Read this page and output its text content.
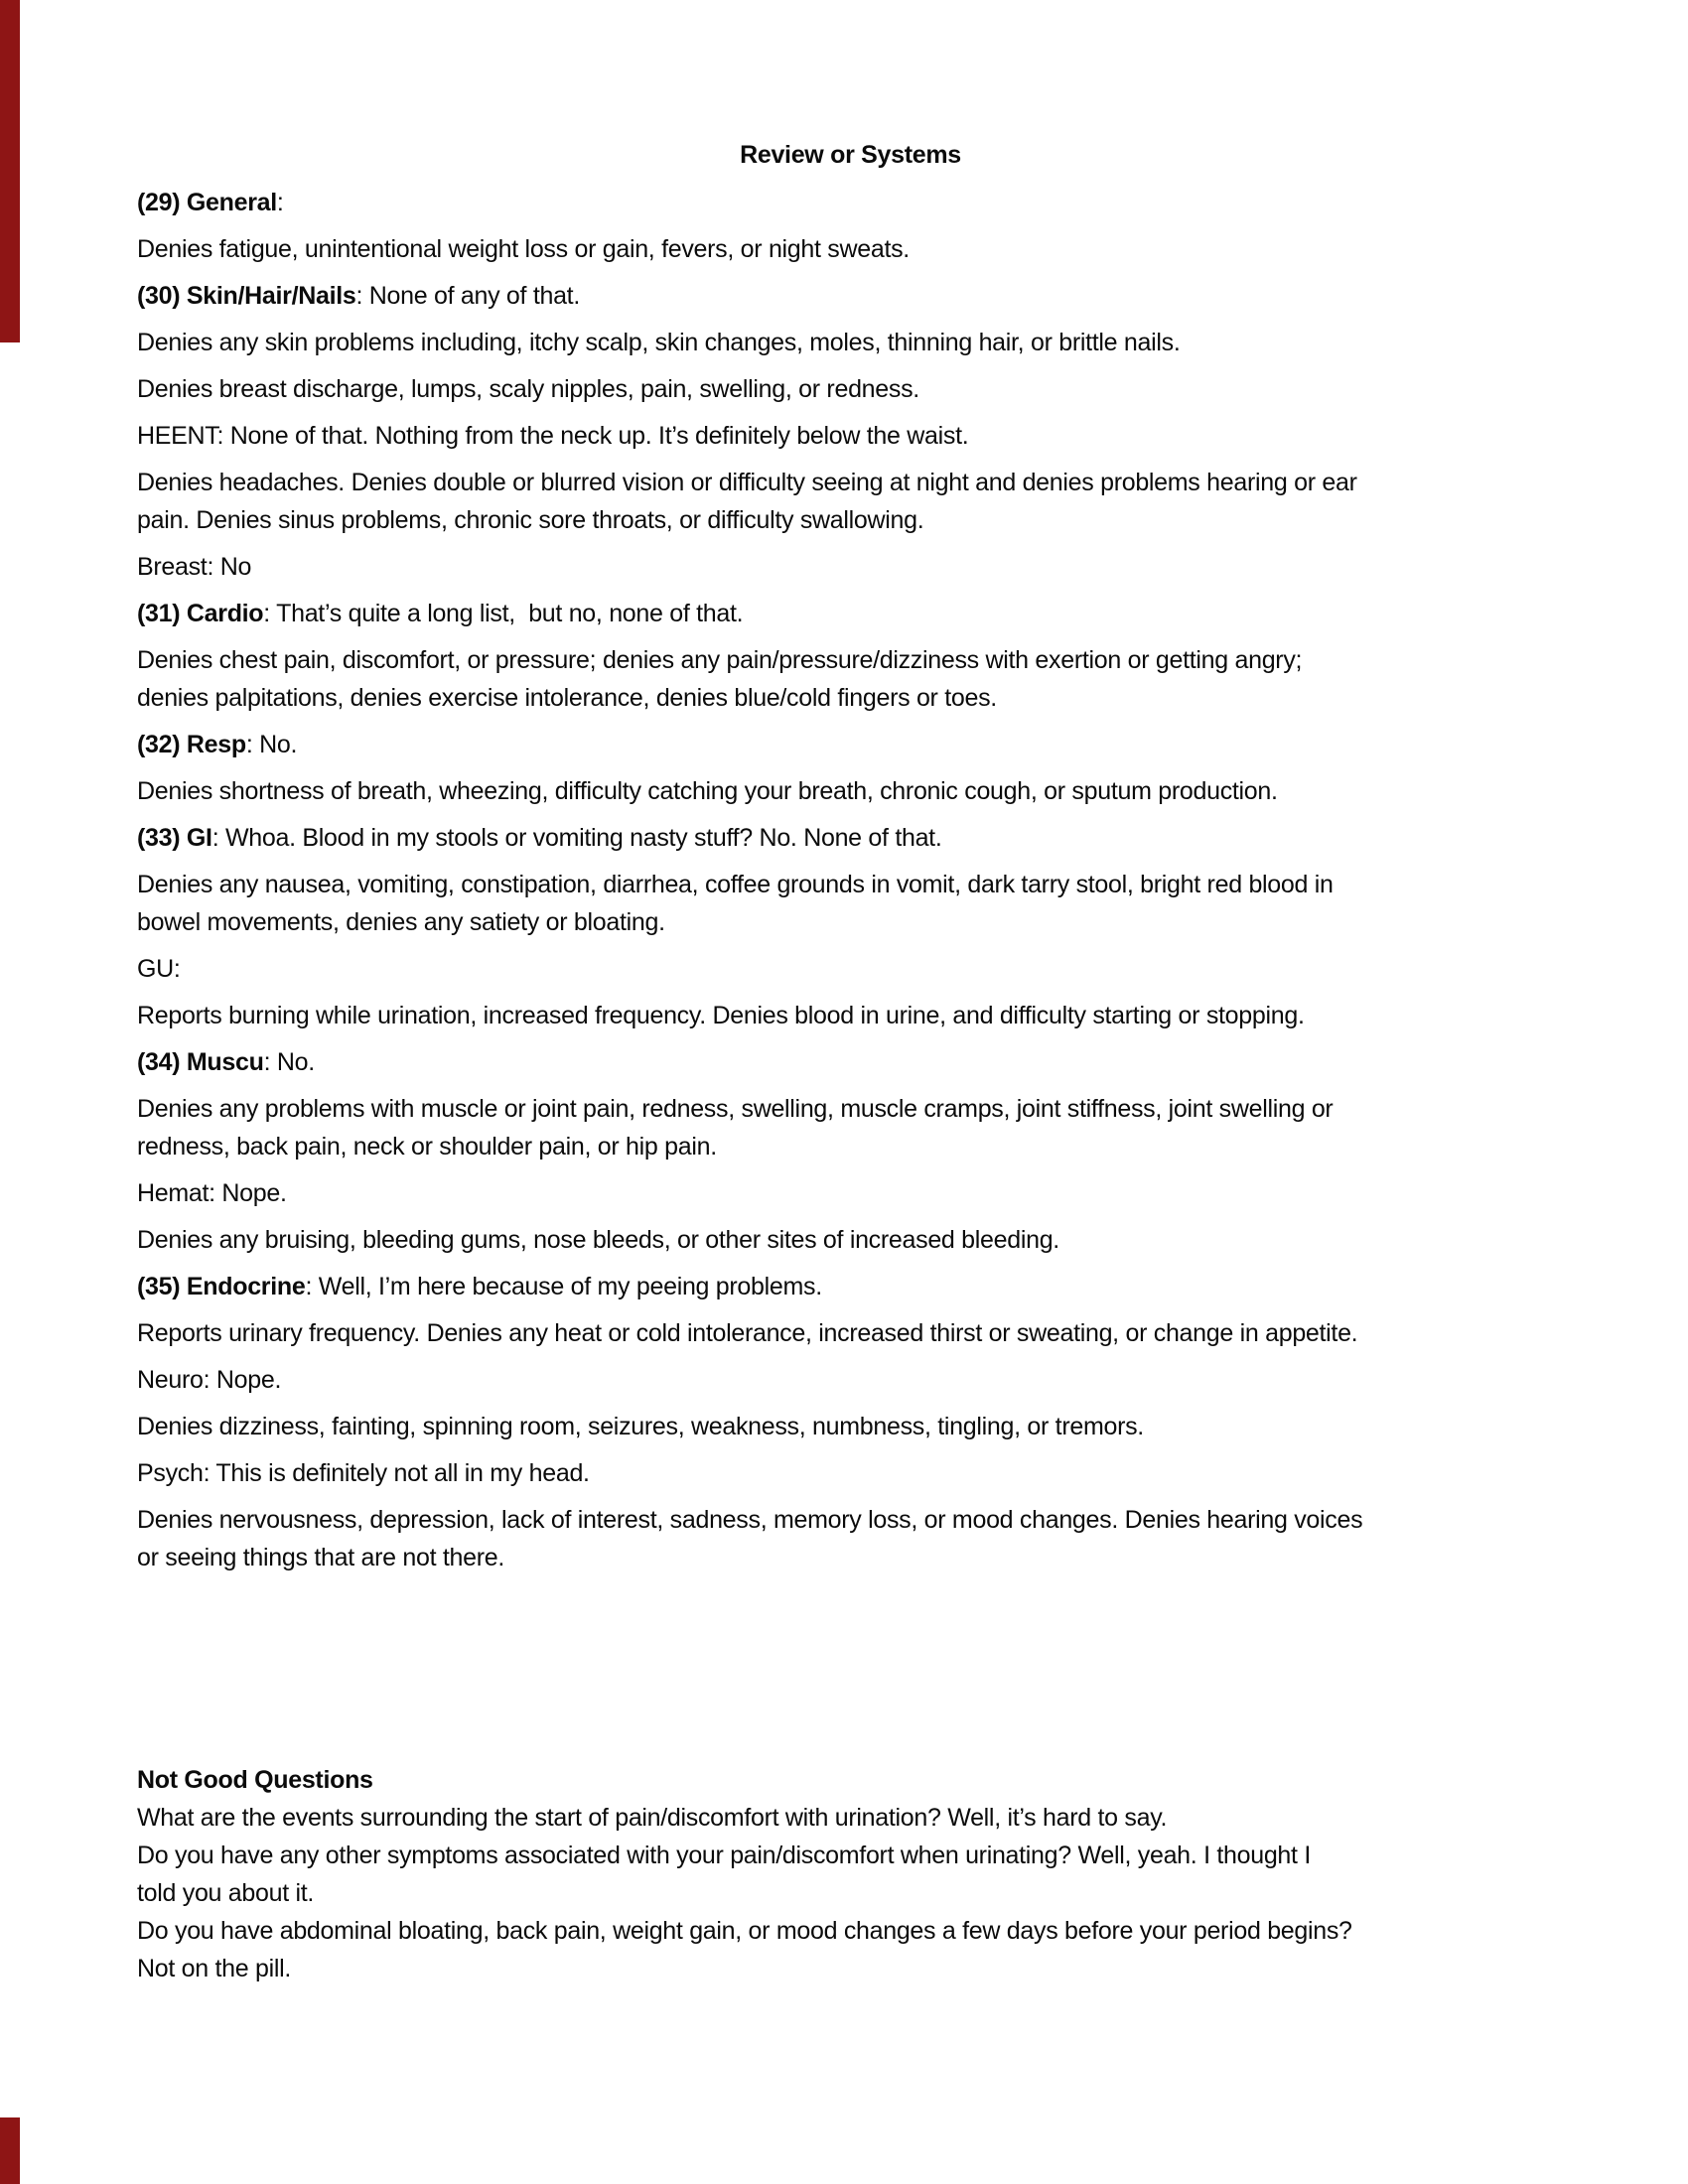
Review or Systems

(29) General:

Denies fatigue, unintentional weight loss or gain, fevers, or night sweats.

(30) Skin/Hair/Nails: None of any of that.

Denies any skin problems including, itchy scalp, skin changes, moles, thinning hair, or brittle nails.

Denies breast discharge, lumps, scaly nipples, pain, swelling, or redness.

HEENT: None of that. Nothing from the neck up. It’s definitely below the waist.

Denies headaches. Denies double or blurred vision or difficulty seeing at night and denies problems hearing or ear
pain. Denies sinus problems, chronic sore throats, or difficulty swallowing.

Breast: No

(31) Cardio: That’s quite a long list,  but no, none of that.

Denies chest pain, discomfort, or pressure; denies any pain/pressure/dizziness with exertion or getting angry;
denies palpitations, denies exercise intolerance, denies blue/cold fingers or toes.

(32) Resp: No.

Denies shortness of breath, wheezing, difficulty catching your breath, chronic cough, or sputum production.

(33) GI: Whoa. Blood in my stools or vomiting nasty stuff? No. None of that.

Denies any nausea, vomiting, constipation, diarrhea, coffee grounds in vomit, dark tarry stool, bright red blood in
bowel movements, denies any satiety or bloating.

GU:

Reports burning while urination, increased frequency. Denies blood in urine, and difficulty starting or stopping.

(34) Muscu: No.

Denies any problems with muscle or joint pain, redness, swelling, muscle cramps, joint stiffness, joint swelling or
redness, back pain, neck or shoulder pain, or hip pain.

Hemat: Nope.

Denies any bruising, bleeding gums, nose bleeds, or other sites of increased bleeding.

(35) Endocrine: Well, I’m here because of my peeing problems.

Reports urinary frequency. Denies any heat or cold intolerance, increased thirst or sweating, or change in appetite.

Neuro: Nope.

Denies dizziness, fainting, spinning room, seizures, weakness, numbness, tingling, or tremors.

Psych: This is definitely not all in my head.

Denies nervousness, depression, lack of interest, sadness, memory loss, or mood changes. Denies hearing voices
or seeing things that are not there.

Not Good Questions

What are the events surrounding the start of pain/discomfort with urination? Well, it’s hard to say.

Do you have any other symptoms associated with your pain/discomfort when urinating? Well, yeah. I thought I

told you about it.

Do you have abdominal bloating, back pain, weight gain, or mood changes a few days before your period begins?

Not on the pill.
